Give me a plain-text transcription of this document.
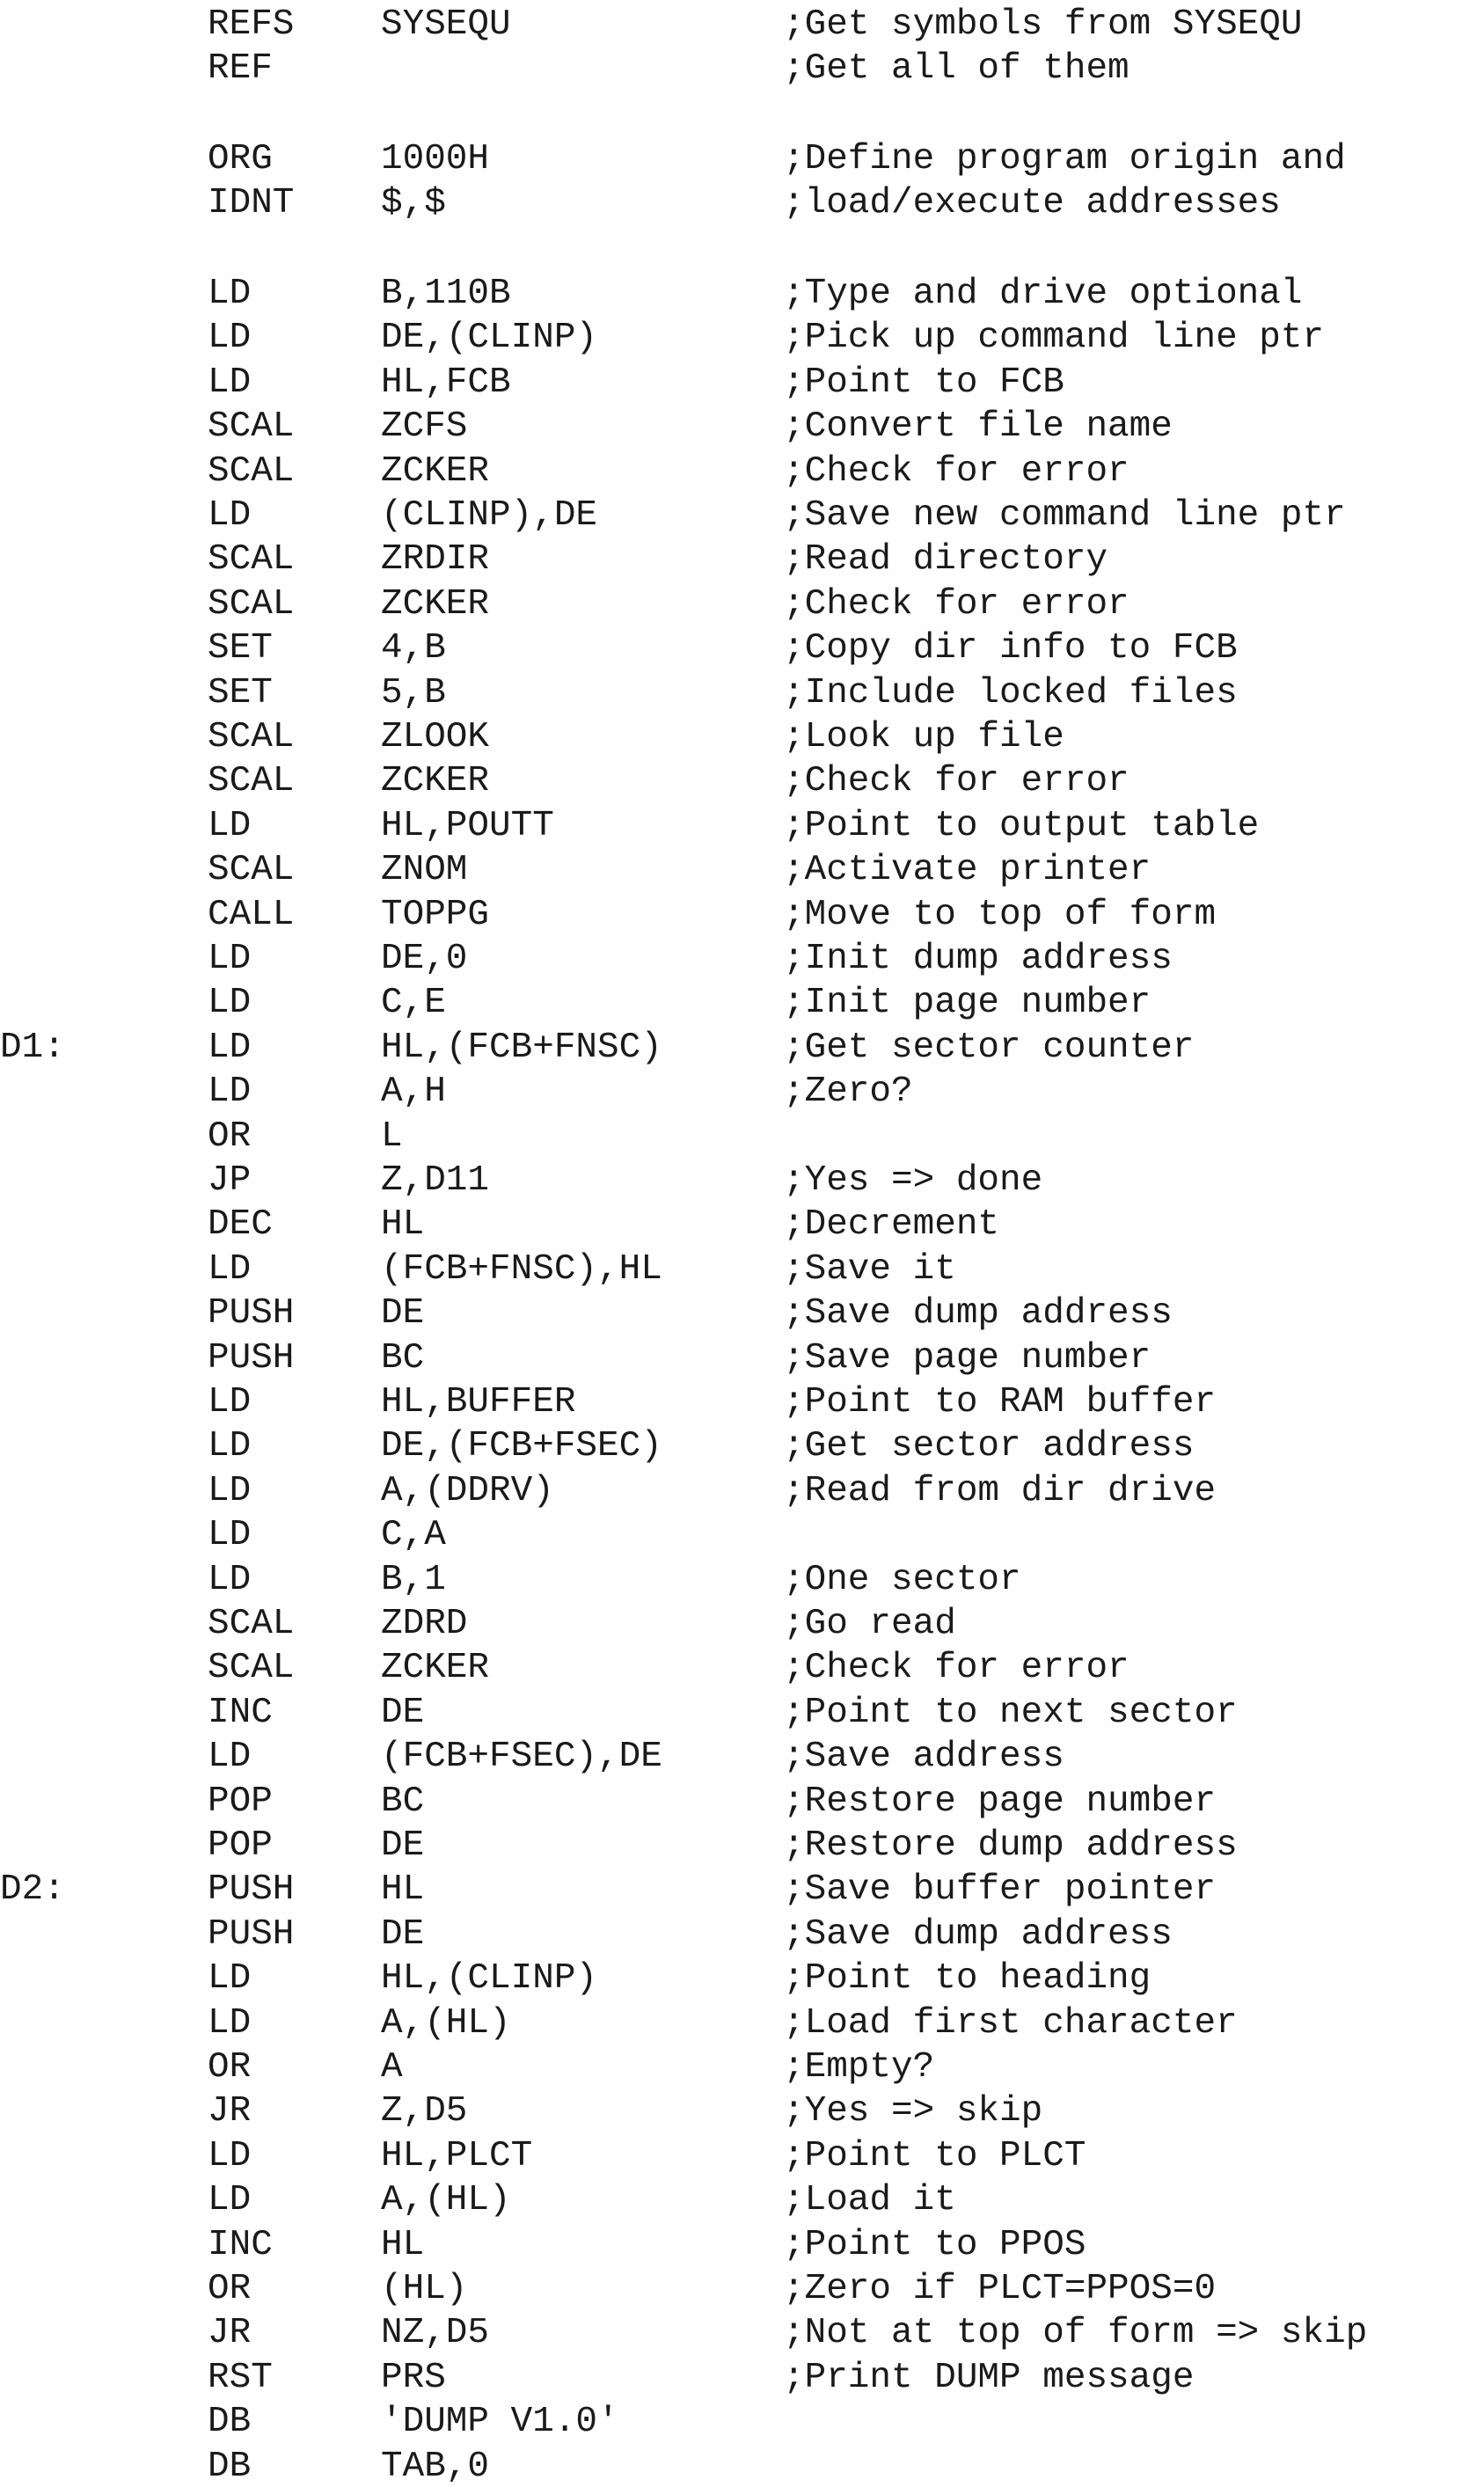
REFS SYSEQU	;Get symbols from SYSEQU
REF	;Get all of them
ORG	1000H	;Define program origin and
IDNT $,$	;load/execute addresses
LD	B,110B	;Type and drive optional
LD	DE,(CLINP)	;Pick up command line ptr
LD	HL,FCB	;Point to FCB
SCAL ZCFS	;Convert file name
SCAL ZCKER	;Check for error
LD	(CLINP),DE	;Save new command line ptr
SCAL ZRDIR	;Read directory
SCAL ZCKER	;Check for error
SET	4,B	;Copy dir info to FCB
SET	5,B	;Include locked files
SCAL ZLOOK	;Look up file
SCAL ZCKER	;Check for error
LD	HL,POUTT	;Point to output table
SCAL ZNOM	;Activate printer
CALL TOPPG	;Move to top of form
LD	DE,0	;Init dump address
LD	C,E	;Init page number
D1:	LD	HL,(FCB+FNSC)	;Get sector counter
LD	A,H	;Zero?
OR	L
JP	Z,D11	;Yes => done
DEC	HL	;Decrement
LD	(FCB+FNSC),HL	;Save it
PUSH DE	;Save dump address
PUSH BC	;Save page number
LD	HL,BUFFER	;Point to RAM buffer
LD	DE,(FCB+FSEC)	;Get sector address
LD	A,(DDRV)	;Read from dir drive
LD	C,A
LD	B,1	;One sector
SCAL ZDRD	;Go read
SCAL ZCKER	;Check for error
INC	DE	;Point to next sector
LD	(FCB+FSEC),DE	;Save address
POP	BC	;Restore page number
POP	DE	;Restore dump address
D2:	PUSH HL	;Save buffer pointer
PUSH DE	;Save dump address
LD	HL,(CLINP)	;Point to heading
LD	A,(HL)	;Load first character
OR	A	;Empty?
JR	Z,D5	;Yes => skip
LD	HL,PLCT	;Point to PLCT
LD	A,(HL)	;Load it
INC	HL	;Point to PPOS
OR	(HL)	;Zero if PLCT=PPOS=0
JR	NZ,D5	;Not at top of form => skip
RST	PRS	;Print DUMP message
DB	'DUMP V1.0'
DB	TAB,0
